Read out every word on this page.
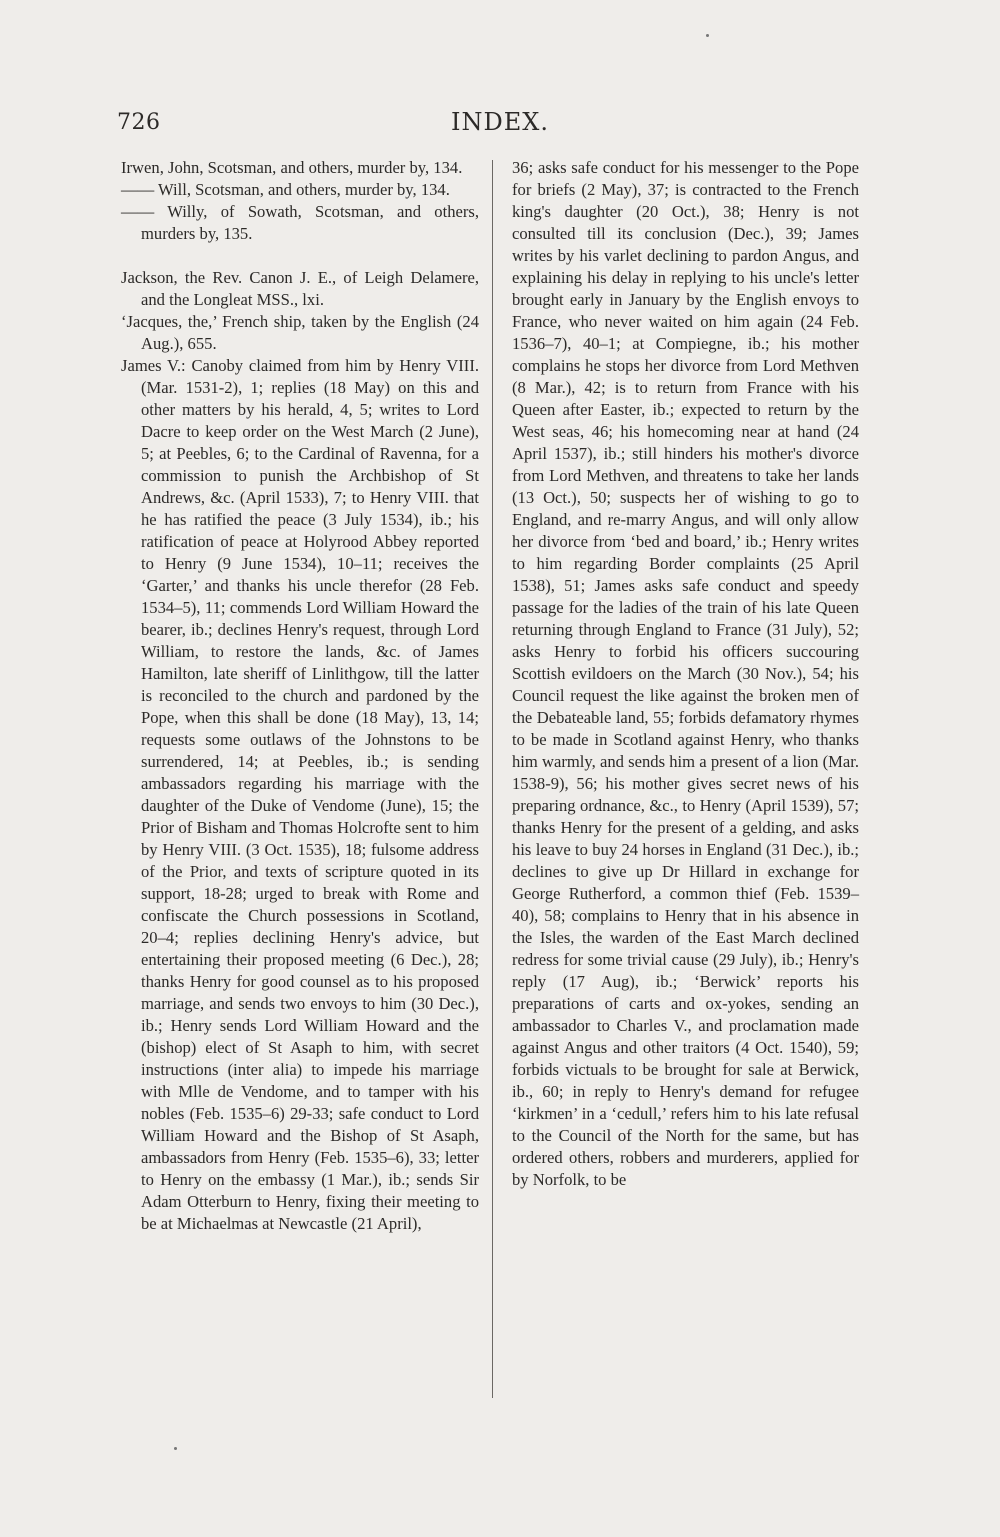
726	INDEX.

Irwen, John, Scotsman, and others, murder by, 134.

—— Will, Scotsman, and others, murder by, 134.

—— Willy, of Sowath, Scotsman, and others, murders by, 135.

Jackson, the Rev. Canon J. E., of Leigh Delamere, and the Longleat MSS., lxi.

‘Jacques, the,’ French ship, taken by the English (24 Aug.), 655.

James V.: Canoby claimed from him by Henry VIII. (Mar. 1531-2), 1; replies (18 May) on this and other matters by his herald, 4, 5; writes to Lord Dacre to keep order on the West March (2 June), 5; at Peebles, 6; to the Cardinal of Ravenna, for a commission to punish the Archbishop of St Andrews, &c. (April 1533), 7; to Henry VIII. that he has ratified the peace (3 July 1534), ib.; his ratification of peace at Holyrood Abbey reported to Henry (9 June 1534), 10–11; receives the ‘Garter,’ and thanks his uncle therefor (28 Feb. 1534–5), 11; commends Lord William Howard the bearer, ib.; declines Henry's request, through Lord William, to restore the lands, &c. of James Hamilton, late sheriff of Linlithgow, till the latter is reconciled to the church and pardoned by the Pope, when this shall be done (18 May), 13, 14; requests some outlaws of the Johnstons to be surrendered, 14; at Peebles, ib.; is sending ambassadors regarding his marriage with the daughter of the Duke of Vendome (June), 15; the Prior of Bisham and Thomas Holcrofte sent to him by Henry VIII. (3 Oct. 1535), 18; fulsome address of the Prior, and texts of scripture quoted in its support, 18-28; urged to break with Rome and confiscate the Church possessions in Scotland, 20–4; replies declining Henry's advice, but entertaining their proposed meeting (6 Dec.), 28; thanks Henry for good counsel as to his proposed marriage, and sends two envoys to him (30 Dec.), ib.; Henry sends Lord William Howard and the (bishop) elect of St Asaph to him, with secret instructions (inter alia) to impede his marriage with Mlle de Vendome, and to tamper with his nobles (Feb. 1535–6) 29-33; safe conduct to Lord William Howard and the Bishop of St Asaph, ambassadors from Henry (Feb. 1535–6), 33; letter to Henry on the embassy (1 Mar.), ib.; sends Sir Adam Otterburn to Henry, fixing their meeting to be at Michaelmas at Newcastle (21 April),

36; asks safe conduct for his messenger to the Pope for briefs (2 May), 37; is contracted to the French king's daughter (20 Oct.), 38; Henry is not consulted till its conclusion (Dec.), 39; James writes by his varlet declining to pardon Angus, and explaining his delay in replying to his uncle's letter brought early in January by the English envoys to France, who never waited on him again (24 Feb. 1536–7), 40–1; at Compiegne, ib.; his mother complains he stops her divorce from Lord Methven (8 Mar.), 42; is to return from France with his Queen after Easter, ib.; expected to return by the West seas, 46; his homecoming near at hand (24 April 1537), ib.; still hinders his mother's divorce from Lord Methven, and threatens to take her lands (13 Oct.), 50; suspects her of wishing to go to England, and re-marry Angus, and will only allow her divorce from ‘bed and board,’ ib.; Henry writes to him regarding Border complaints (25 April 1538), 51; James asks safe conduct and speedy passage for the ladies of the train of his late Queen returning through England to France (31 July), 52; asks Henry to forbid his officers succouring Scottish evildoers on the March (30 Nov.), 54; his Council request the like against the broken men of the Debateable land, 55; forbids defamatory rhymes to be made in Scotland against Henry, who thanks him warmly, and sends him a present of a lion (Mar. 1538-9), 56; his mother gives secret news of his preparing ordnance, &c., to Henry (April 1539), 57; thanks Henry for the present of a gelding, and asks his leave to buy 24 horses in England (31 Dec.), ib.; declines to give up Dr Hillard in exchange for George Rutherford, a common thief (Feb. 1539–40), 58; complains to Henry that in his absence in the Isles, the warden of the East March declined redress for some trivial cause (29 July), ib.; Henry's reply (17 Aug), ib.; ‘Berwick’ reports his preparations of carts and ox-yokes, sending an ambassador to Charles V., and proclamation made against Angus and other traitors (4 Oct. 1540), 59; forbids victuals to be brought for sale at Berwick, ib., 60; in reply to Henry's demand for refugee ‘kirkmen’ in a ‘cedull,’ refers him to his late refusal to the Council of the North for the same, but has ordered others, robbers and murderers, applied for by Norfolk, to be
